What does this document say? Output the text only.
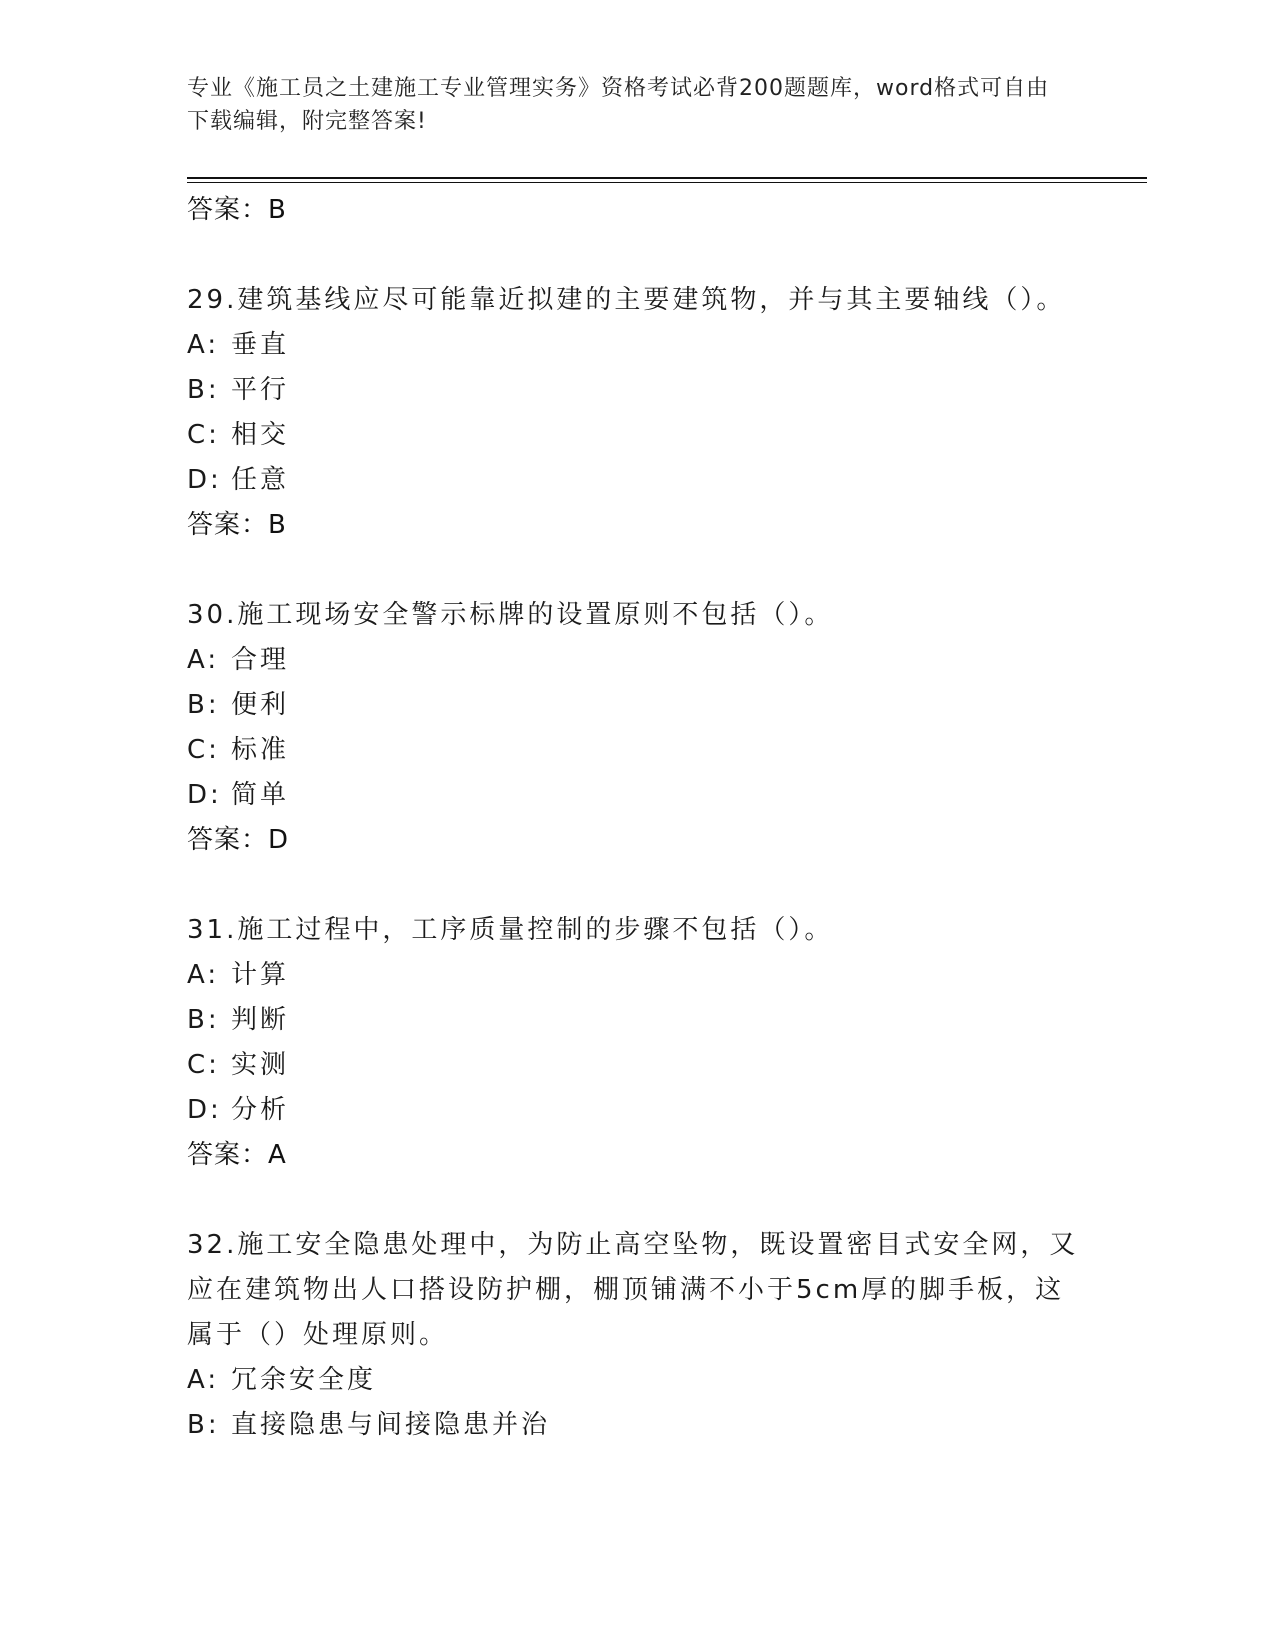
专业《施工员之土建施工专业管理实务》资格考试必背200题题库，word格式可自由下载编辑，附完整答案!
答案：B
29.建筑基线应尽可能靠近拟建的主要建筑物，并与其主要轴线（）。
A: 垂直
B: 平行
C: 相交
D: 任意
答案：B
30.施工现场安全警示标牌的设置原则不包括（）。
A: 合理
B: 便利
C: 标准
D: 简单
答案：D
31.施工过程中，工序质量控制的步骤不包括（）。
A: 计算
B: 判断
C: 实测
D: 分析
答案：A
32.施工安全隐患处理中，为防止高空坠物，既设置密目式安全网，又应在建筑物出人口搭设防护棚，棚顶铺满不小于5cm厚的脚手板，这属于（）处理原则。
A: 冗余安全度
B: 直接隐患与间接隐患并治
